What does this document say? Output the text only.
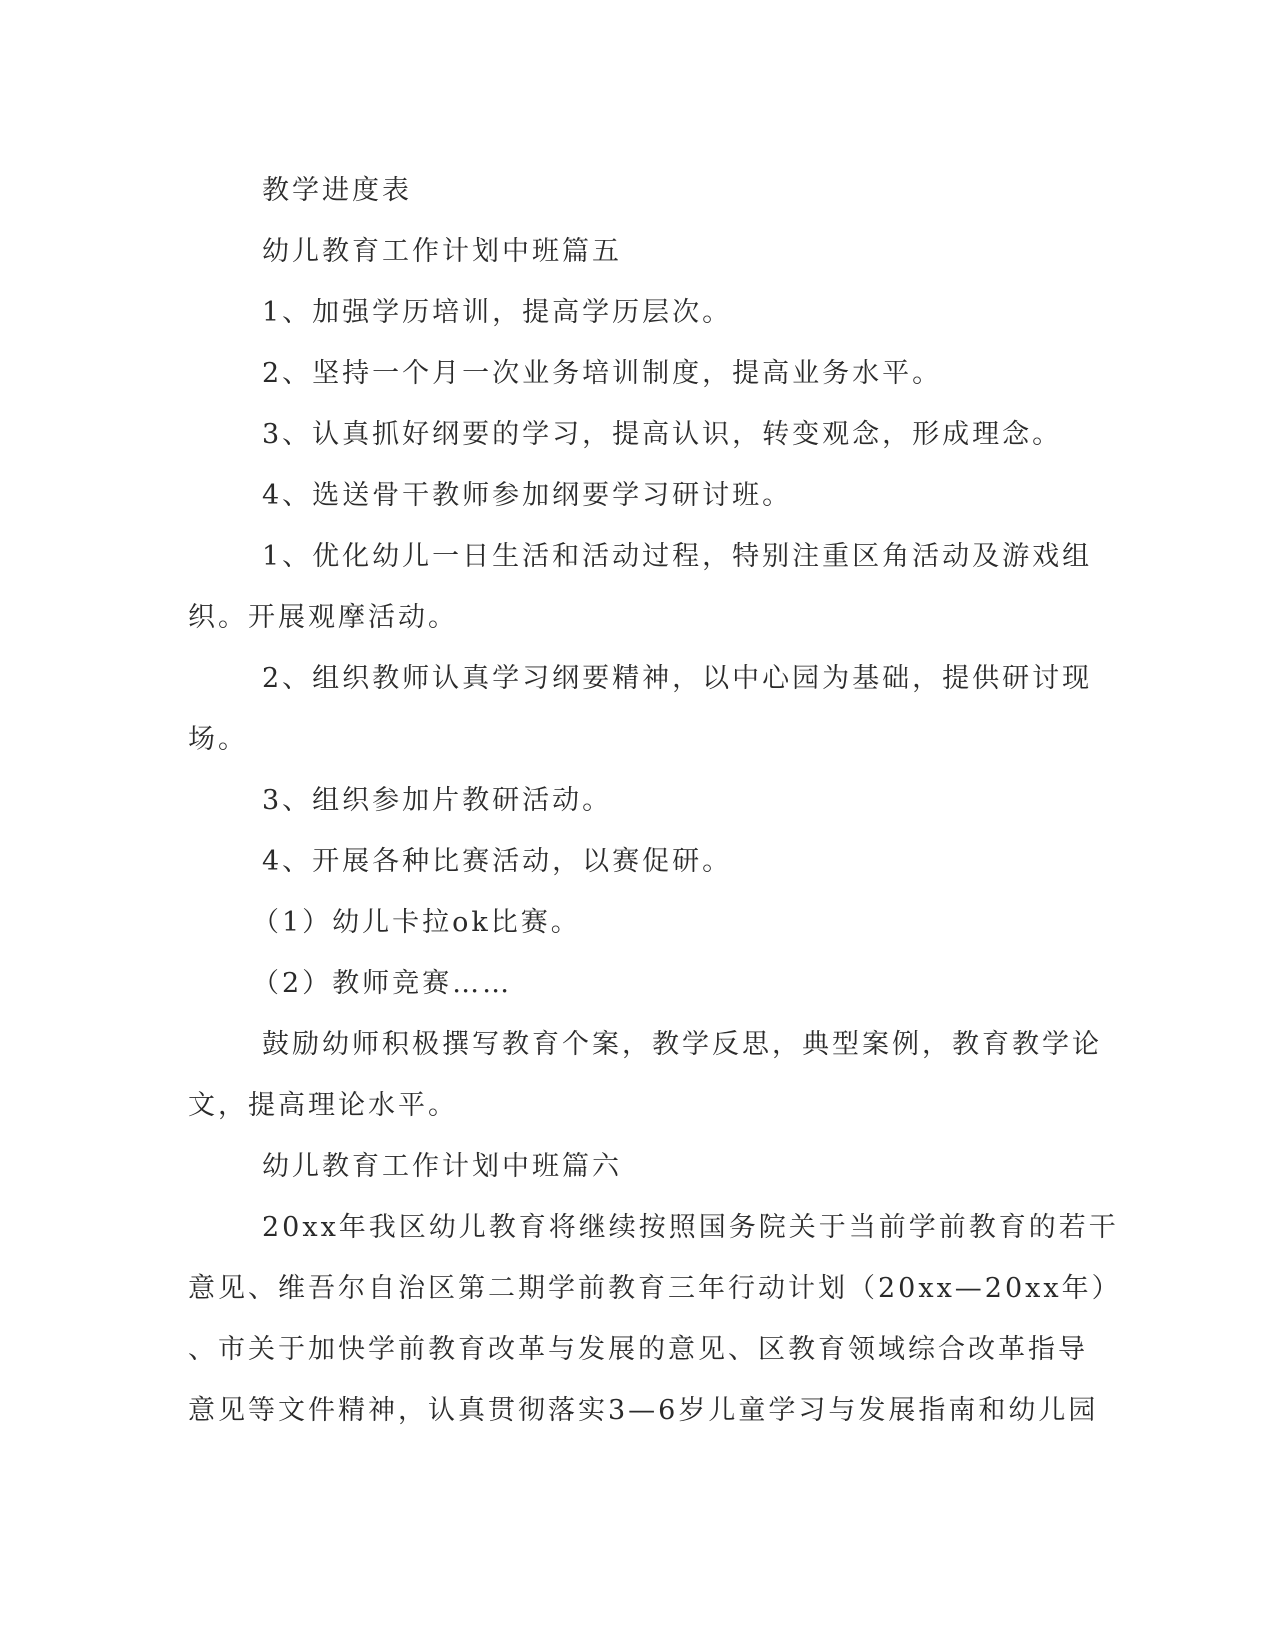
教学进度表
幼儿教育工作计划中班篇五
1、加强学历培训，提高学历层次。
2、坚持一个月一次业务培训制度，提高业务水平。
3、认真抓好纲要的学习，提高认识，转变观念，形成理念。
4、选送骨干教师参加纲要学习研讨班。
1、优化幼儿一日生活和活动过程，特别注重区角活动及游戏组
织。开展观摩活动。
2、组织教师认真学习纲要精神，以中心园为基础，提供研讨现
场。
3、组织参加片教研活动。
4、开展各种比赛活动，以赛促研。
（1）幼儿卡拉ok比赛。
（2）教师竞赛……
鼓励幼师积极撰写教育个案，教学反思，典型案例，教育教学论
文，提高理论水平。
幼儿教育工作计划中班篇六
20xx年我区幼儿教育将继续按照国务院关于当前学前教育的若干
意见、维吾尔自治区第二期学前教育三年行动计划（20xx—20xx年）
、市关于加快学前教育改革与发展的意见、区教育领域综合改革指导
意见等文件精神，认真贯彻落实3—6岁儿童学习与发展指南和幼儿园
